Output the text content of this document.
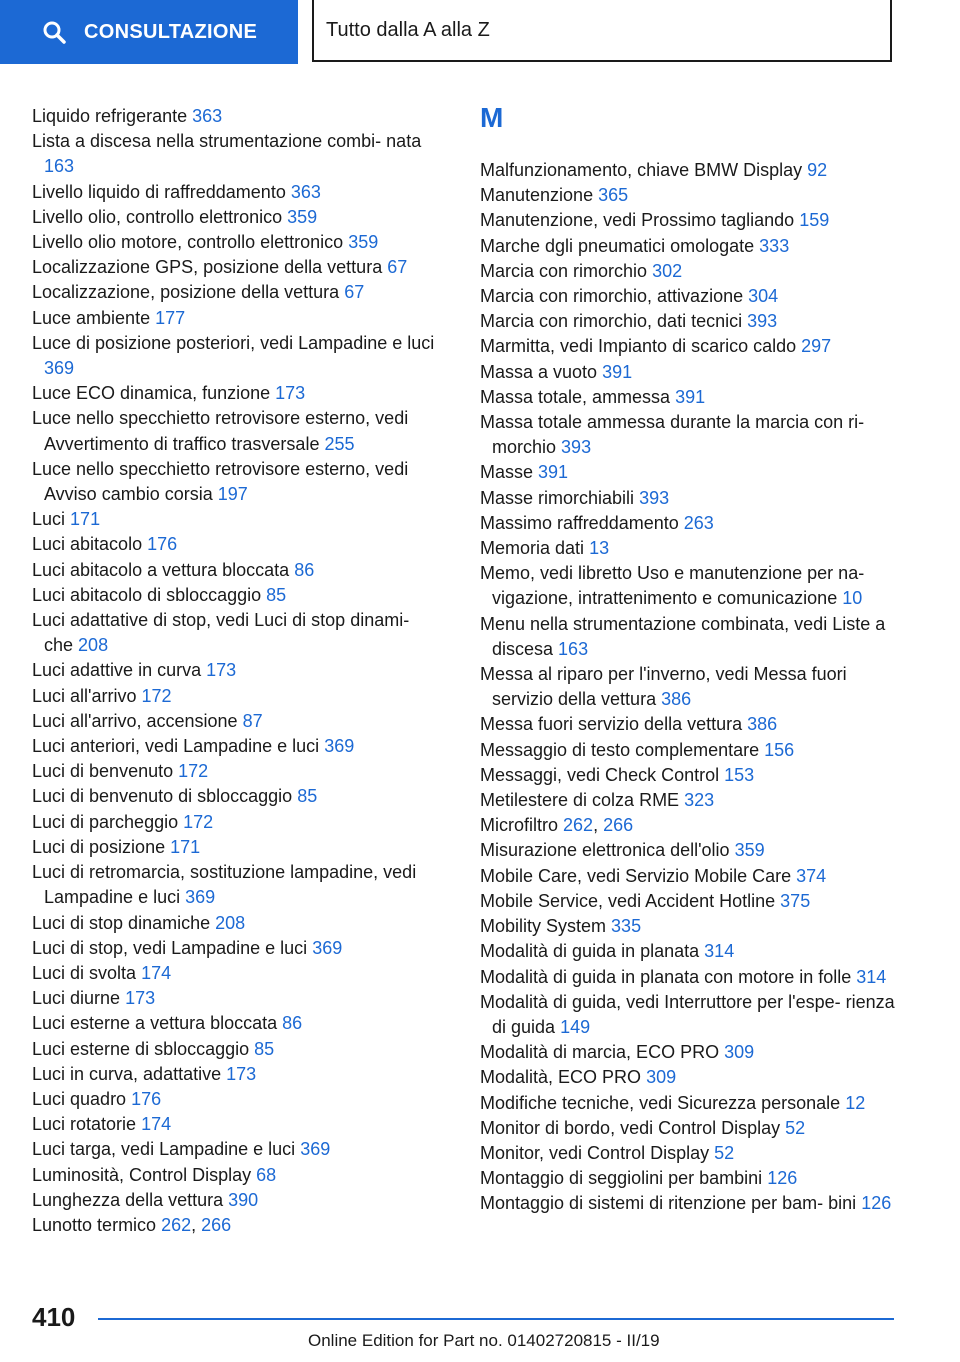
CONSULTAZIONE	Tutto dalla A alla Z
Liquido refrigerante 363
Lista a discesa nella strumentazione combi- nata 163
Livello liquido di raffreddamento 363
Livello olio, controllo elettronico 359
Livello olio motore, controllo elettronico 359
Localizzazione GPS, posizione della vettura 67
Localizzazione, posizione della vettura 67
Luce ambiente 177
Luce di posizione posteriori, vedi Lampadine e luci 369
Luce ECO dinamica, funzione 173
Luce nello specchietto retrovisore esterno, vedi Avvertimento di traffico trasversale 255
Luce nello specchietto retrovisore esterno, vedi Avviso cambio corsia 197
Luci 171
Luci abitacolo 176
Luci abitacolo a vettura bloccata 86
Luci abitacolo di sbloccaggio 85
Luci adattative di stop, vedi Luci di stop dinami- che 208
Luci adattive in curva 173
Luci all'arrivo 172
Luci all'arrivo, accensione 87
Luci anteriori, vedi Lampadine e luci 369
Luci di benvenuto 172
Luci di benvenuto di sbloccaggio 85
Luci di parcheggio 172
Luci di posizione 171
Luci di retromarcia, sostituzione lampadine, vedi Lampadine e luci 369
Luci di stop dinamiche 208
Luci di stop, vedi Lampadine e luci 369
Luci di svolta 174
Luci diurne 173
Luci esterne a vettura bloccata 86
Luci esterne di sbloccaggio 85
Luci in curva, adattative 173
Luci quadro 176
Luci rotatorie 174
Luci targa, vedi Lampadine e luci 369
Luminosità, Control Display 68
Lunghezza della vettura 390
Lunotto termico 262, 266
M
Malfunzionamento, chiave BMW Display 92
Manutenzione 365
Manutenzione, vedi Prossimo tagliando 159
Marche dgli pneumatici omologate 333
Marcia con rimorchio 302
Marcia con rimorchio, attivazione 304
Marcia con rimorchio, dati tecnici 393
Marmitta, vedi Impianto di scarico caldo 297
Massa a vuoto 391
Massa totale, ammessa 391
Massa totale ammessa durante la marcia con ri- morchio 393
Masse 391
Masse rimorchiabili 393
Massimo raffreddamento 263
Memoria dati 13
Memo, vedi libretto Uso e manutenzione per na- vigazione, intrattenimento e comunicazione 10
Menu nella strumentazione combinata, vedi Liste a discesa 163
Messa al riparo per l'inverno, vedi Messa fuori servizio della vettura 386
Messa fuori servizio della vettura 386
Messaggio di testo complementare 156
Messaggi, vedi Check Control 153
Metilestere di colza RME 323
Microfiltro 262, 266
Misurazione elettronica dell'olio 359
Mobile Care, vedi Servizio Mobile Care 374
Mobile Service, vedi Accident Hotline 375
Mobility System 335
Modalità di guida in planata 314
Modalità di guida in planata con motore in folle 314
Modalità di guida, vedi Interruttore per l'espe- rienza di guida 149
Modalità di marcia, ECO PRO 309
Modalità, ECO PRO 309
Modifiche tecniche, vedi Sicurezza personale 12
Monitor di bordo, vedi Control Display 52
Monitor, vedi Control Display 52
Montaggio di seggiolini per bambini 126
Montaggio di sistemi di ritenzione per bam- bini 126
410
Online Edition for Part no. 01402720815 - II/19
